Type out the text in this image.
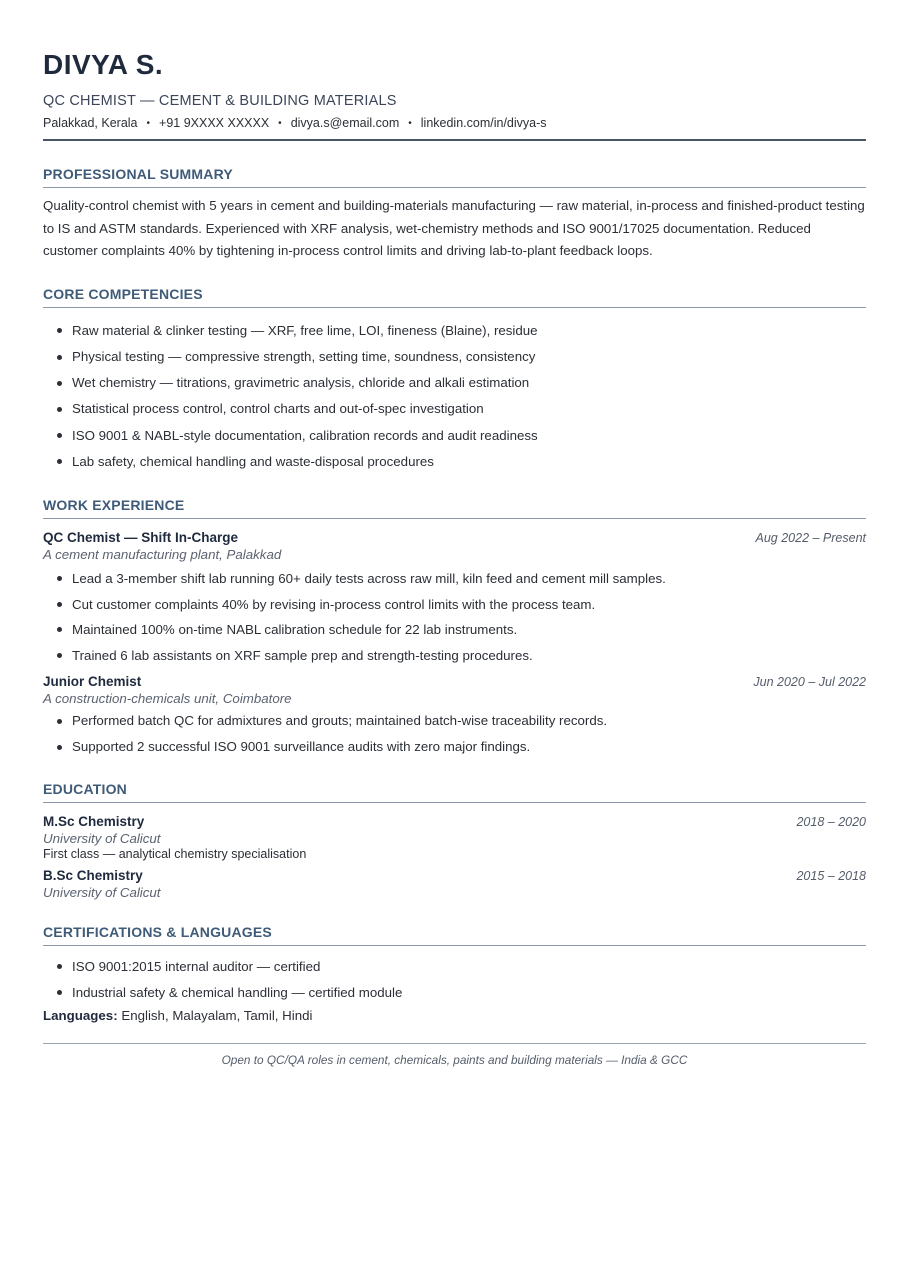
DIVYA S.
QC CHEMIST — CEMENT & BUILDING MATERIALS
Palakkad, Kerala • +91 9XXXX XXXXX • divya.s@email.com • linkedin.com/in/divya-s
PROFESSIONAL SUMMARY
Quality-control chemist with 5 years in cement and building-materials manufacturing — raw material, in-process and finished-product testing to IS and ASTM standards. Experienced with XRF analysis, wet-chemistry methods and ISO 9001/17025 documentation. Reduced customer complaints 40% by tightening in-process control limits and driving lab-to-plant feedback loops.
CORE COMPETENCIES
Raw material & clinker testing — XRF, free lime, LOI, fineness (Blaine), residue
Physical testing — compressive strength, setting time, soundness, consistency
Wet chemistry — titrations, gravimetric analysis, chloride and alkali estimation
Statistical process control, control charts and out-of-spec investigation
ISO 9001 & NABL-style documentation, calibration records and audit readiness
Lab safety, chemical handling and waste-disposal procedures
WORK EXPERIENCE
QC Chemist — Shift In-Charge	Aug 2022 – Present
A cement manufacturing plant, Palakkad
Lead a 3-member shift lab running 60+ daily tests across raw mill, kiln feed and cement mill samples.
Cut customer complaints 40% by revising in-process control limits with the process team.
Maintained 100% on-time NABL calibration schedule for 22 lab instruments.
Trained 6 lab assistants on XRF sample prep and strength-testing procedures.
Junior Chemist	Jun 2020 – Jul 2022
A construction-chemicals unit, Coimbatore
Performed batch QC for admixtures and grouts; maintained batch-wise traceability records.
Supported 2 successful ISO 9001 surveillance audits with zero major findings.
EDUCATION
M.Sc Chemistry	2018 – 2020
University of Calicut
First class — analytical chemistry specialisation
B.Sc Chemistry	2015 – 2018
University of Calicut
CERTIFICATIONS & LANGUAGES
ISO 9001:2015 internal auditor — certified
Industrial safety & chemical handling — certified module
Languages: English, Malayalam, Tamil, Hindi
Open to QC/QA roles in cement, chemicals, paints and building materials — India & GCC
